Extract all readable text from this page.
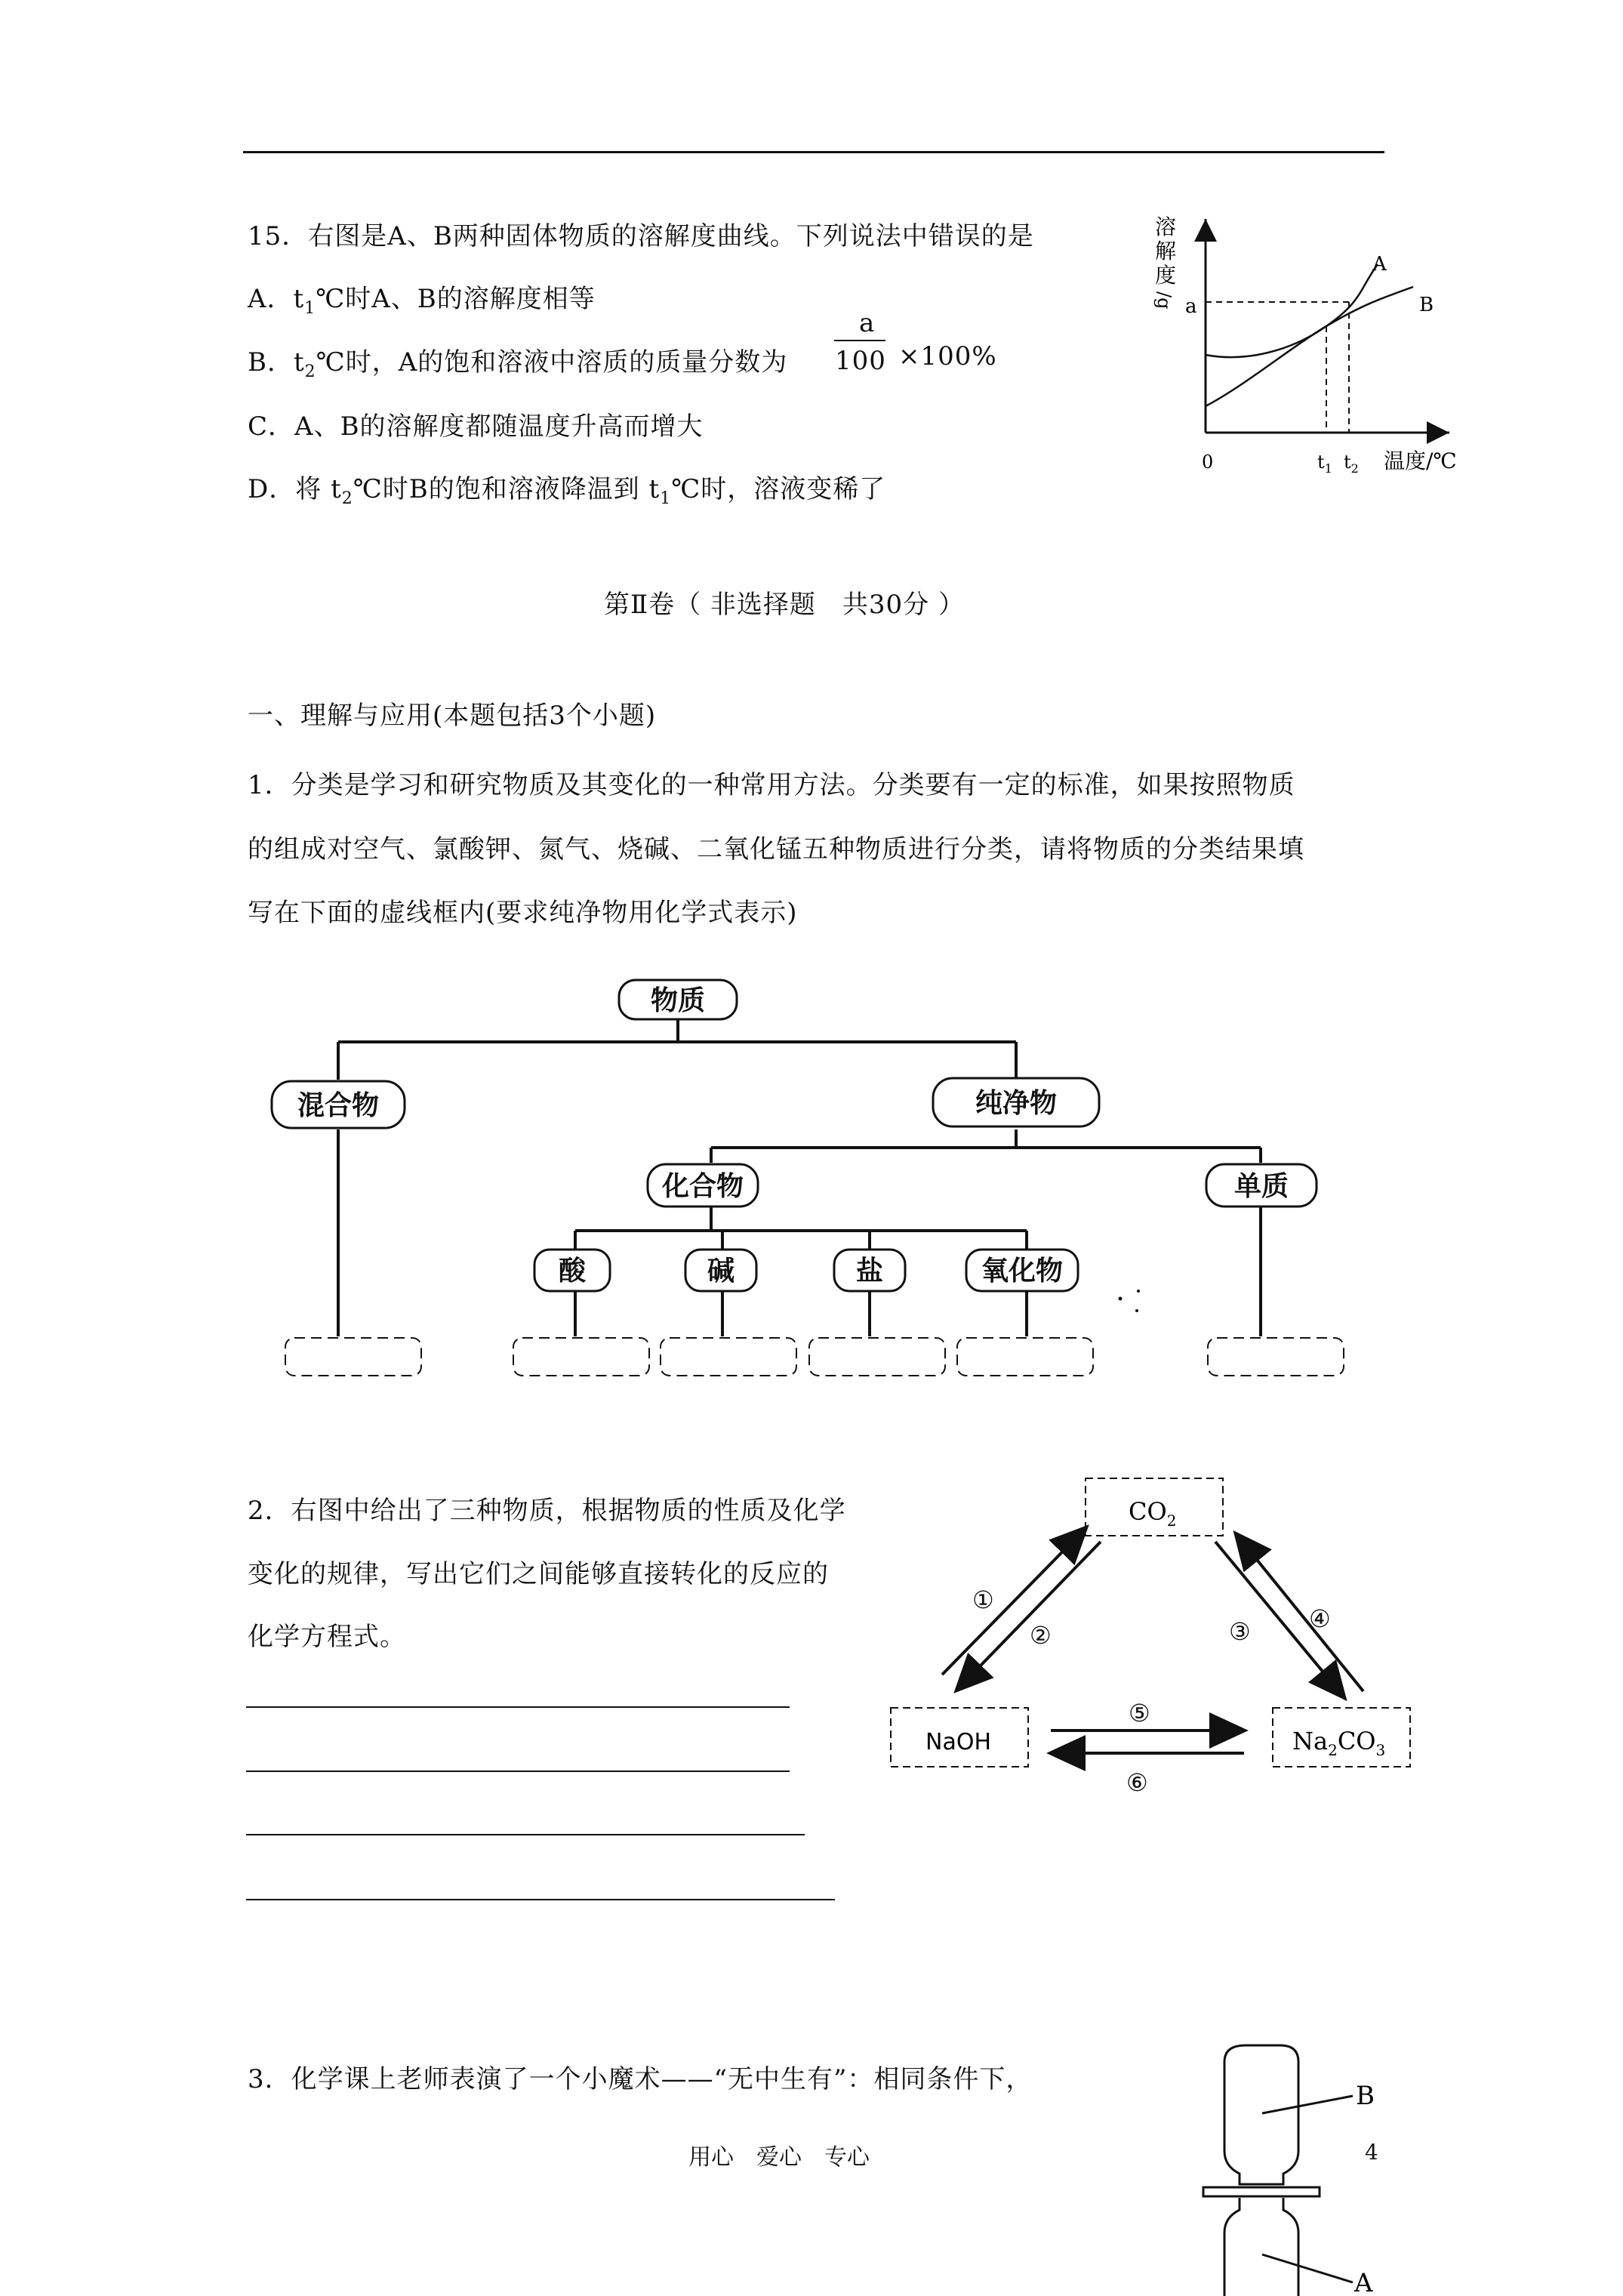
15．右图是A、B两种固体物质的溶解度曲线。下列说法中错误的是
A．$t_1℃$时A、B的溶解度相等
B．$t_2℃$时，A的饱和溶液中溶质的质量分数为
a
100 ×100%
C．A、B的溶解度都随温度升高而增大
D．将 $t_2℃$时B的饱和溶液降温到 $t_1℃$时，溶液变稀了
溶
解
度
/g
A
B
a
0	$t_1$ $t_2$ 温度/℃
第Ⅱ卷（ 非选择题　共30分 ）
一、理解与应用(本题包括3个小题)
1．分类是学习和研究物质及其变化的一种常用方法。分类要有一定的标准，如果按照物质
的组成对空气、氯酸钾、氮气、烧碱、二氧化锰五种物质进行分类，请将物质的分类结果填
写在下面的虚线框内(要求纯净物用化学式表示)
物质
混合物	纯净物
化合物	单质
酸	碱	盐	氧化物
2．右图中给出了三种物质，根据物质的性质及化学
变化的规律，写出它们之间能够直接转化的反应的
化学方程式。
$CO_2$
NaOH	$Na_2CO_3$
①
②	③ ④
⑤
⑥
3．化学课上老师表演了一个小魔术——“无中生有”：相同条件下，
B
A
用心　爱心　专心	4
